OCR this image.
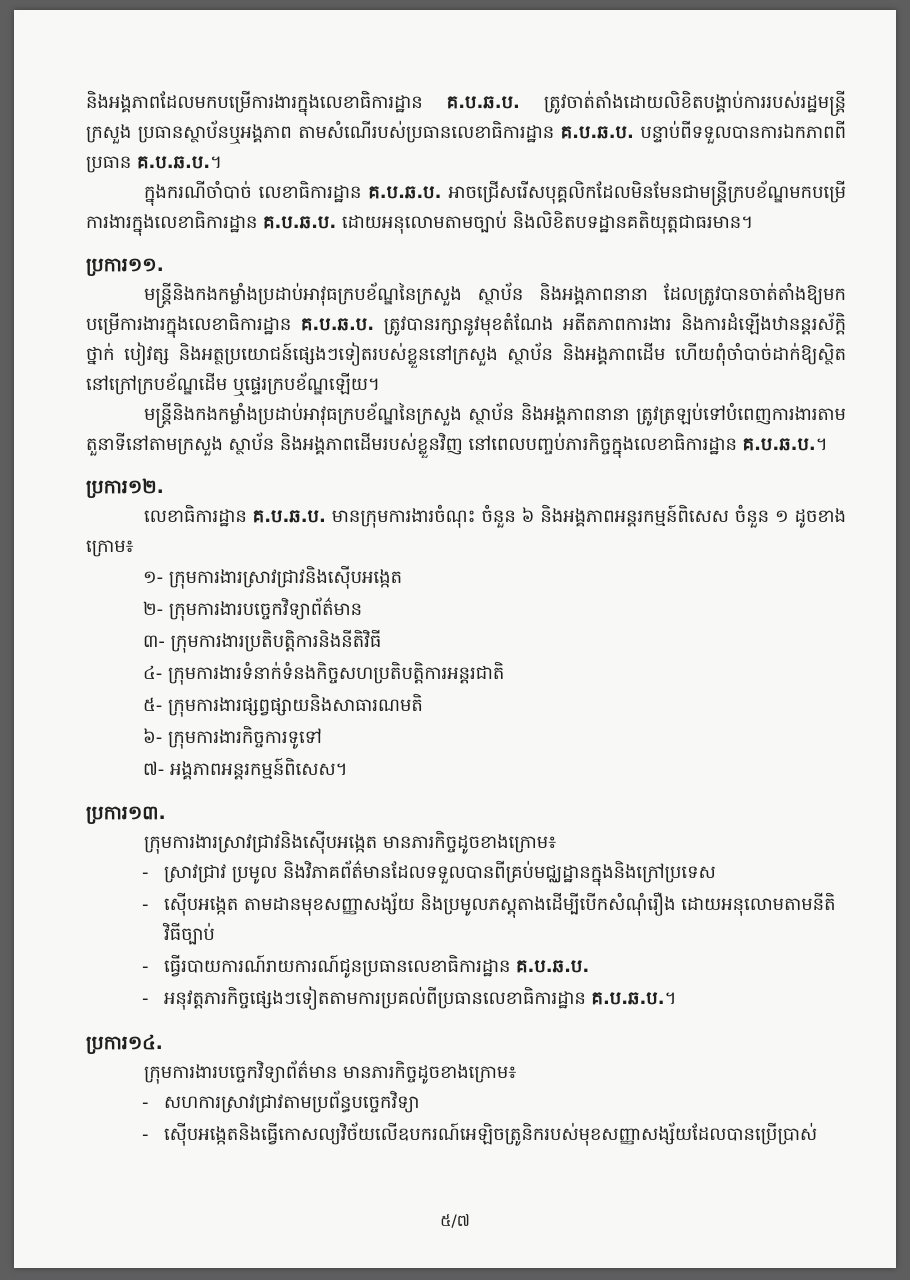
និងអង្គភាពដែលមកបម្រើការងារក្នុងលេខាធិការដ្ឋាន គ.ប.ឆ.ប. ត្រូវចាត់តាំងដោយលិខិតបង្គាប់ការរបស់រដ្ឋមន្ត្រីក្រសួង ប្រធានស្ថាប័នឬអង្គភាព តាមសំណើរបស់ប្រធានលេខាធិការដ្ឋាន គ.ប.ឆ.ប. បន្ទាប់ពីទទួលបានការឯកភាពពីប្រធាន គ.ប.ឆ.ប.។

ក្នុងករណីចាំបាច់ លេខាធិការដ្ឋាន គ.ប.ឆ.ប. អាចជ្រើសរើសបុគ្គលិកដែលមិនមែនជាមន្ត្រីក្របខ័ណ្ឌមកបម្រើការងារក្នុងលេខាធិការដ្ឋាន គ.ប.ឆ.ប. ដោយអនុលោមតាមច្បាប់ និងលិខិតបទដ្ឋានគតិយុត្តជាធរមាន។

ប្រការ១១.

មន្ត្រីនិងកងកម្លាំងប្រដាប់អាវុធក្របខ័ណ្ឌនៃក្រសួង ស្ថាប័ន និងអង្គភាពនានា ដែលត្រូវបានចាត់តាំងឱ្យមកបម្រើការងារក្នុងលេខាធិការដ្ឋាន គ.ប.ឆ.ប. ត្រូវបានរក្សានូវមុខតំណែង អតីតភាពការងារ និងការដំឡើងឋានន្តរស័ក្តិ ថ្នាក់ បៀវត្ស និងអត្ថប្រយោជន៍ផ្សេងៗទៀតរបស់ខ្លួននៅក្រសួង ស្ថាប័ន និងអង្គភាពដើម ហើយពុំចាំបាច់ដាក់ឱ្យស្ថិតនៅក្រៅក្របខ័ណ្ឌដើម ឬផ្ទេរក្របខ័ណ្ឌឡើយ។

មន្ត្រីនិងកងកម្លាំងប្រដាប់អាវុធក្របខ័ណ្ឌនៃក្រសួង ស្ថាប័ន និងអង្គភាពនានា ត្រូវត្រឡប់ទៅបំពេញការងារតាមតួនាទីនៅតាមក្រសួង ស្ថាប័ន និងអង្គភាពដើមរបស់ខ្លួនវិញ នៅពេលបញ្ចប់ភារកិច្ចក្នុងលេខាធិការដ្ឋាន គ.ប.ឆ.ប.។

ប្រការ១២.

លេខាធិការដ្ឋាន គ.ប.ឆ.ប. មានក្រុមការងារចំណុះ ចំនួន ៦ និងអង្គភាពអន្តរកម្មន៍ពិសេស ចំនួន ១ ដូចខាងក្រោម៖

១- ក្រុមការងារស្រាវជ្រាវនិងស៊ើបអង្កេត
២- ក្រុមការងារបច្ចេកវិទ្យាព័ត៌មាន
៣- ក្រុមការងារប្រតិបត្តិការនិងនីតិវិធី
៤- ក្រុមការងារទំនាក់ទំនងកិច្ចសហប្រតិបត្តិការអន្តរជាតិ
៥- ក្រុមការងារផ្សព្វផ្សាយនិងសាធារណមតិ
៦- ក្រុមការងារកិច្ចការទូទៅ
៧- អង្គភាពអន្តរកម្មន៍ពិសេស។
ប្រការ១៣.

ក្រុមការងារស្រាវជ្រាវនិងស៊ើបអង្កេត មានភារកិច្ចដូចខាងក្រោម៖

- ស្រាវជ្រាវ ប្រមូល និងវិភាគព័ត៌មានដែលទទួលបានពីគ្រប់មជ្ឈដ្ឋានក្នុងនិងក្រៅប្រទេស
- ស៊ើបអង្កេត តាមដានមុខសញ្ញាសង្ស័យ និងប្រមូលភស្តុតាងដើម្បីបើកសំណុំរឿង ដោយអនុលោមតាមនីតិវិធីច្បាប់
- ធ្វើរបាយការណ៍រាយការណ៍ជូនប្រធានលេខាធិការដ្ឋាន គ.ប.ឆ.ប.
- អនុវត្តភារកិច្ចផ្សេងៗទៀតតាមការប្រគល់ពីប្រធានលេខាធិការដ្ឋាន គ.ប.ឆ.ប.។
ប្រការ១៤.

ក្រុមការងារបច្ចេកវិទ្យាព័ត៌មាន មានភារកិច្ចដូចខាងក្រោម៖

- សហការស្រាវជ្រាវតាមប្រព័ន្ធបច្ចេកវិទ្យា
- ស៊ើបអង្កេតនិងធ្វើកោសល្យវិច័យលើឧបករណ៍អេឡិចត្រូនិករបស់មុខសញ្ញាសង្ស័យដែលបានប្រើប្រាស់
៥/៧
